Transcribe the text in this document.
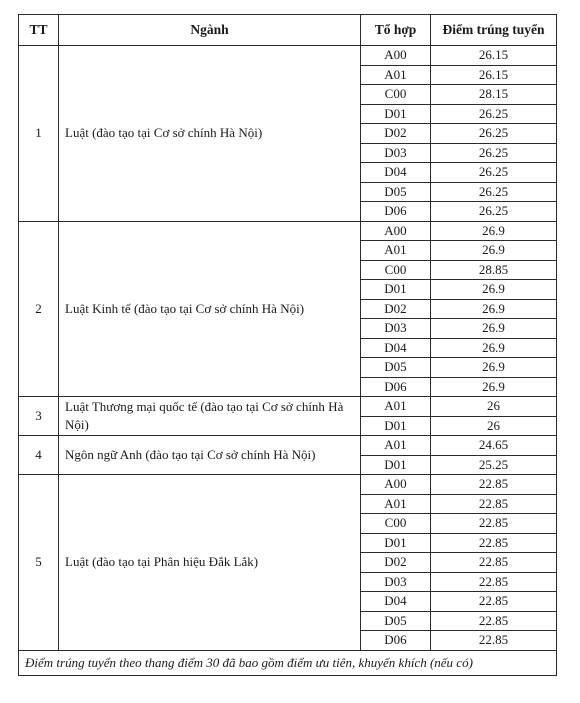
TT	Ngành	Tổ hợp	Điểm trúng tuyển
1	Luật (đào tạo tại Cơ sở chính Hà Nội)	A00	26.15
		A01	26.15
		C00	28.15
		D01	26.25
		D02	26.25
		D03	26.25
		D04	26.25
		D05	26.25
		D06	26.25
2	Luật Kinh tế (đào tạo tại Cơ sở chính Hà Nội)	A00	26.9
		A01	26.9
		C00	28.85
		D01	26.9
		D02	26.9
		D03	26.9
		D04	26.9
		D05	26.9
		D06	26.9
3	Luật Thương mại quốc tế (đào tạo tại Cơ sở chính Hà Nội)	A01	26
		D01	26
4	Ngôn ngữ Anh (đào tạo tại Cơ sở chính Hà Nội)	A01	24.65
		D01	25.25
5	Luật (đào tạo tại Phân hiệu Đắk Lắk)	A00	22.85
		A01	22.85
		C00	22.85
		D01	22.85
		D02	22.85
		D03	22.85
		D04	22.85
		D05	22.85
		D06	22.85
Điểm trúng tuyển theo thang điểm 30 đã bao gồm điểm ưu tiên, khuyến khích (nếu có)			
